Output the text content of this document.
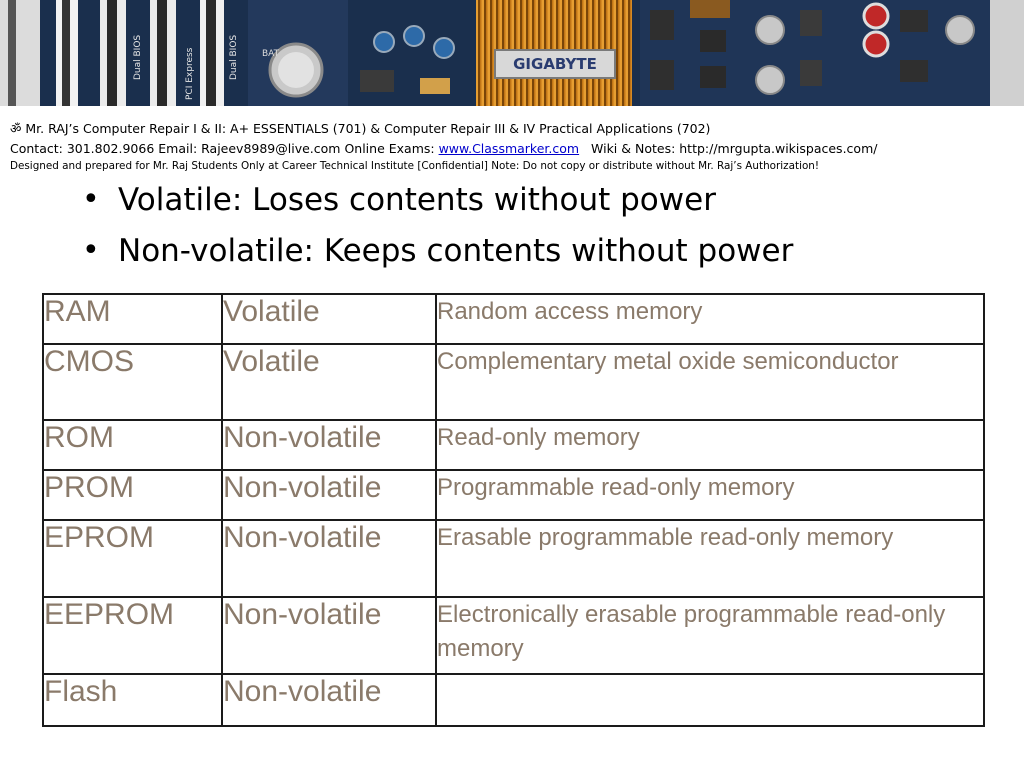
Dual BIOS	PCI Express	Dual BIOS	BAT
GIGABYTE
ॐ Mr. RAJ’s Computer Repair I & II: A+ ESSENTIALS (701) & Computer Repair III & IV Practical Applications (702)
Contact: 301.802.9066 Email: Rajeev8989@live.com Online Exams: www.Classmarker.com   Wiki & Notes: http://mrgupta.wikispaces.com/
Designed and prepared for Mr. Raj Students Only at Career Technical Institute [Confidential] Note: Do not copy or distribute without Mr. Raj’s Authorization!
• Volatile: Loses contents without power
• Non-volatile: Keeps contents without power
RAM	Volatile	Random access memory
CMOS	Volatile	Complementary metal oxide semiconductor
ROM	Non-volatile	Read-only memory
PROM	Non-volatile	Programmable read-only memory
EPROM	Non-volatile	Erasable programmable read-only memory
EEPROM	Non-volatile	Electronically erasable programmable read-only memory
Flash	Non-volatile	
